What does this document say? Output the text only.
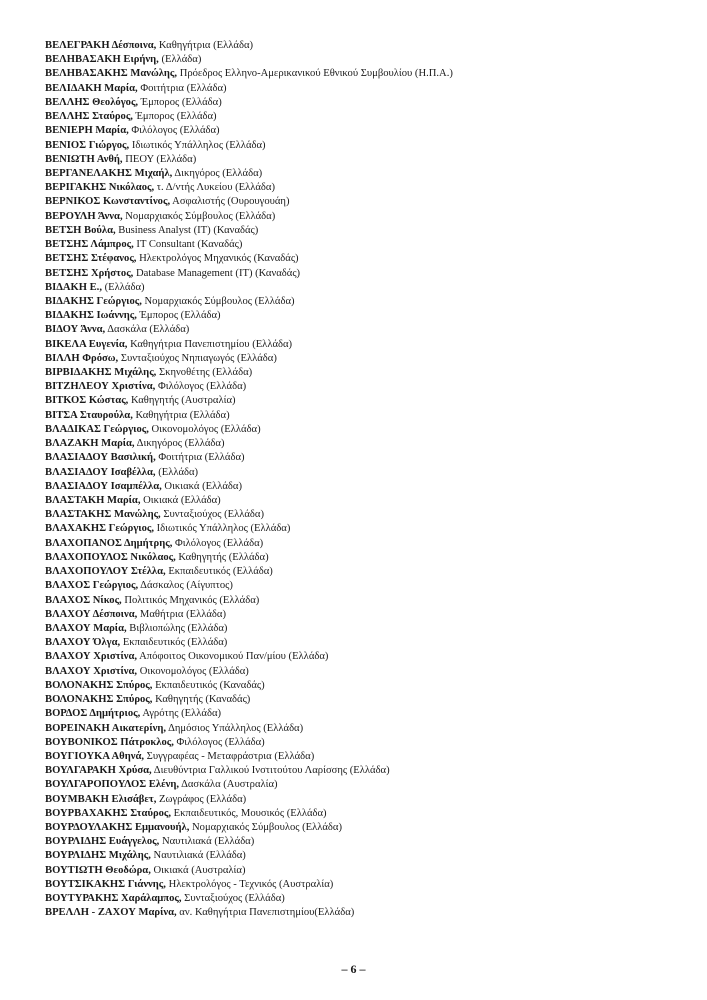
ΒΕΛΕΓΡΑΚΗ Δέσποινα, Καθηγήτρια (Ελλάδα)
ΒΕΛΗΒΑΣΑΚΗ Ειρήνη, (Ελλάδα)
ΒΕΛΗΒΑΣΑΚΗΣ Μανώλης, Πρόεδρος Ελληνο-Αμερικανικού Εθνικού Συμβουλίου (Η.Π.Α.)
ΒΕΛΙΔΑΚΗ Μαρία, Φοιτήτρια (Ελλάδα)
ΒΕΛΛΗΣ Θεολόγος, Έμπορος (Ελλάδα)
ΒΕΛΛΗΣ Σταύρος, Έμπορος (Ελλάδα)
ΒΕΝΙΕΡΗ Μαρία, Φιλόλογος (Ελλάδα)
ΒΕΝΙΟΣ Γιώργος, Ιδιωτικός Υπάλληλος (Ελλάδα)
ΒΕΝΙΩΤΗ Ανθή, ΠΕΟΥ (Ελλάδα)
ΒΕΡΓΑΝΕΛΑΚΗΣ Μιχαήλ, Δικηγόρος (Ελλάδα)
ΒΕΡΙΓΑΚΗΣ Νικόλαος, τ. Δ/ντής Λυκείου (Ελλάδα)
ΒΕΡΝΙΚΟΣ Κωνσταντίνος, Ασφαλιστής (Ουρουγουάη)
ΒΕΡΟΥΛΗ Άννα, Νομαρχιακός Σύμβουλος (Ελλάδα)
ΒΕΤΣΗ Βούλα, Business Analyst (IT) (Καναδάς)
ΒΕΤΣΗΣ Λάμπρος, IT Consultant (Καναδάς)
ΒΕΤΣΗΣ Στέφανος, Ηλεκτρολόγος Μηχανικός (Καναδάς)
ΒΕΤΣΗΣ Χρήστος, Database Management (IT) (Καναδάς)
ΒΙΔΑΚΗ Ε., (Ελλάδα)
ΒΙΔΑΚΗΣ Γεώργιος, Νομαρχιακός Σύμβουλος (Ελλάδα)
ΒΙΔΑΚΗΣ Ιωάννης, Έμπορος (Ελλάδα)
ΒΙΔΟΥ Άννα, Δασκάλα (Ελλάδα)
ΒΙΚΕΛΑ Ευγενία, Καθηγήτρια Πανεπιστημίου (Ελλάδα)
ΒΙΛΛΗ Φρόσω, Συνταξιούχος Νηπιαγωγός (Ελλάδα)
ΒΙΡΒΙΔΑΚΗΣ Μιχάλης, Σκηνοθέτης (Ελλάδα)
ΒΙΤΖΗΛΕΟΥ Χριστίνα, Φιλόλογος (Ελλάδα)
ΒΙΤΚΟΣ Κώστας, Καθηγητής (Αυστραλία)
ΒΙΤΣΑ Σταυρούλα, Καθηγήτρια (Ελλάδα)
ΒΛΑΔΙΚΑΣ Γεώργιος, Οικονομολόγος (Ελλάδα)
ΒΛΑΖΑΚΗ Μαρία, Δικηγόρος (Ελλάδα)
ΒΛΑΣΙΑΔΟΥ Βασιλική, Φοιτήτρια (Ελλάδα)
ΒΛΑΣΙΑΔΟΥ Ισαβέλλα, (Ελλάδα)
ΒΛΑΣΙΑΔΟΥ Ισαμπέλλα, Οικιακά (Ελλάδα)
ΒΛΑΣΤΑΚΗ Μαρία, Οικιακά (Ελλάδα)
ΒΛΑΣΤΑΚΗΣ Μανώλης, Συνταξιούχος (Ελλάδα)
ΒΛΑΧΑΚΗΣ Γεώργιος, Ιδιωτικός Υπάλληλος (Ελλάδα)
ΒΛΑΧΟΠΑΝΟΣ Δημήτρης, Φιλόλογος (Ελλάδα)
ΒΛΑΧΟΠΟΥΛΟΣ Νικόλαος, Καθηγητής (Ελλάδα)
ΒΛΑΧΟΠΟΥΛΟΥ Στέλλα, Εκπαιδευτικός (Ελλάδα)
ΒΛΑΧΟΣ Γεώργιος, Δάσκαλος (Αίγυπτος)
ΒΛΑΧΟΣ Νίκος, Πολιτικός Μηχανικός (Ελλάδα)
ΒΛΑΧΟΥ Δέσποινα, Μαθήτρια (Ελλάδα)
ΒΛΑΧΟΥ Μαρία, Βιβλιοπώλης (Ελλάδα)
ΒΛΑΧΟΥ Όλγα, Εκπαιδευτικός (Ελλάδα)
ΒΛΑΧΟΥ Χριστίνα, Απόφοιτος Οικονομικού Παν/μίου (Ελλάδα)
ΒΛΑΧΟΥ Χριστίνα, Οικονομολόγος (Ελλάδα)
ΒΟΛΟΝΑΚΗΣ Σπύρος, Εκπαιδευτικός (Καναδάς)
ΒΟΛΟΝΑΚΗΣ Σπύρος, Καθηγητής (Καναδάς)
ΒΟΡΔΟΣ Δημήτριος, Αγρότης (Ελλάδα)
ΒΟΡΕΙΝΑΚΗ Αικατερίνη, Δημόσιος Υπάλληλος (Ελλάδα)
ΒΟΥΒΟΝΙΚΟΣ Πάτροκλος, Φιλόλογος (Ελλάδα)
ΒΟΥΓΙΟΥΚΑ Αθηνά, Συγγραφέας - Μεταφράστρια (Ελλάδα)
ΒΟΥΛΓΑΡΑΚΗ Χρύσα, Διευθύντρια Γαλλικού Ινστιτούτου Λαρίσσης (Ελλάδα)
ΒΟΥΛΓΑΡΟΠΟΥΛΟΣ Ελένη, Δασκάλα (Αυστραλία)
ΒΟΥΜΒΑΚΗ Ελισάβετ, Ζωγράφος (Ελλάδα)
ΒΟΥΡΒΑΧΑΚΗΣ Σταύρος, Εκπαιδευτικός, Μουσικός (Ελλάδα)
ΒΟΥΡΔΟΥΛΑΚΗΣ Εμμανουήλ, Νομαρχιακός Σύμβουλος (Ελλάδα)
ΒΟΥΡΛΙΔΗΣ Ευάγγελος, Ναυτιλιακά (Ελλάδα)
ΒΟΥΡΛΙΔΗΣ Μιχάλης, Ναυτιλιακά (Ελλάδα)
ΒΟΥΤΙΩΤΗ Θεοδώρα, Οικιακά (Αυστραλία)
ΒΟΥΤΣΙΚΑΚΗΣ Γιάννης, Ηλεκτρολόγος - Τεχνικός (Αυστραλία)
ΒΟΥΤΥΡΑΚΗΣ Χαράλαμπος, Συνταξιούχος (Ελλάδα)
ΒΡΕΛΛΗ - ΖΑΧΟΥ Μαρίνα, αν. Καθηγήτρια Πανεπιστημίου(Ελλάδα)
– 6 –
